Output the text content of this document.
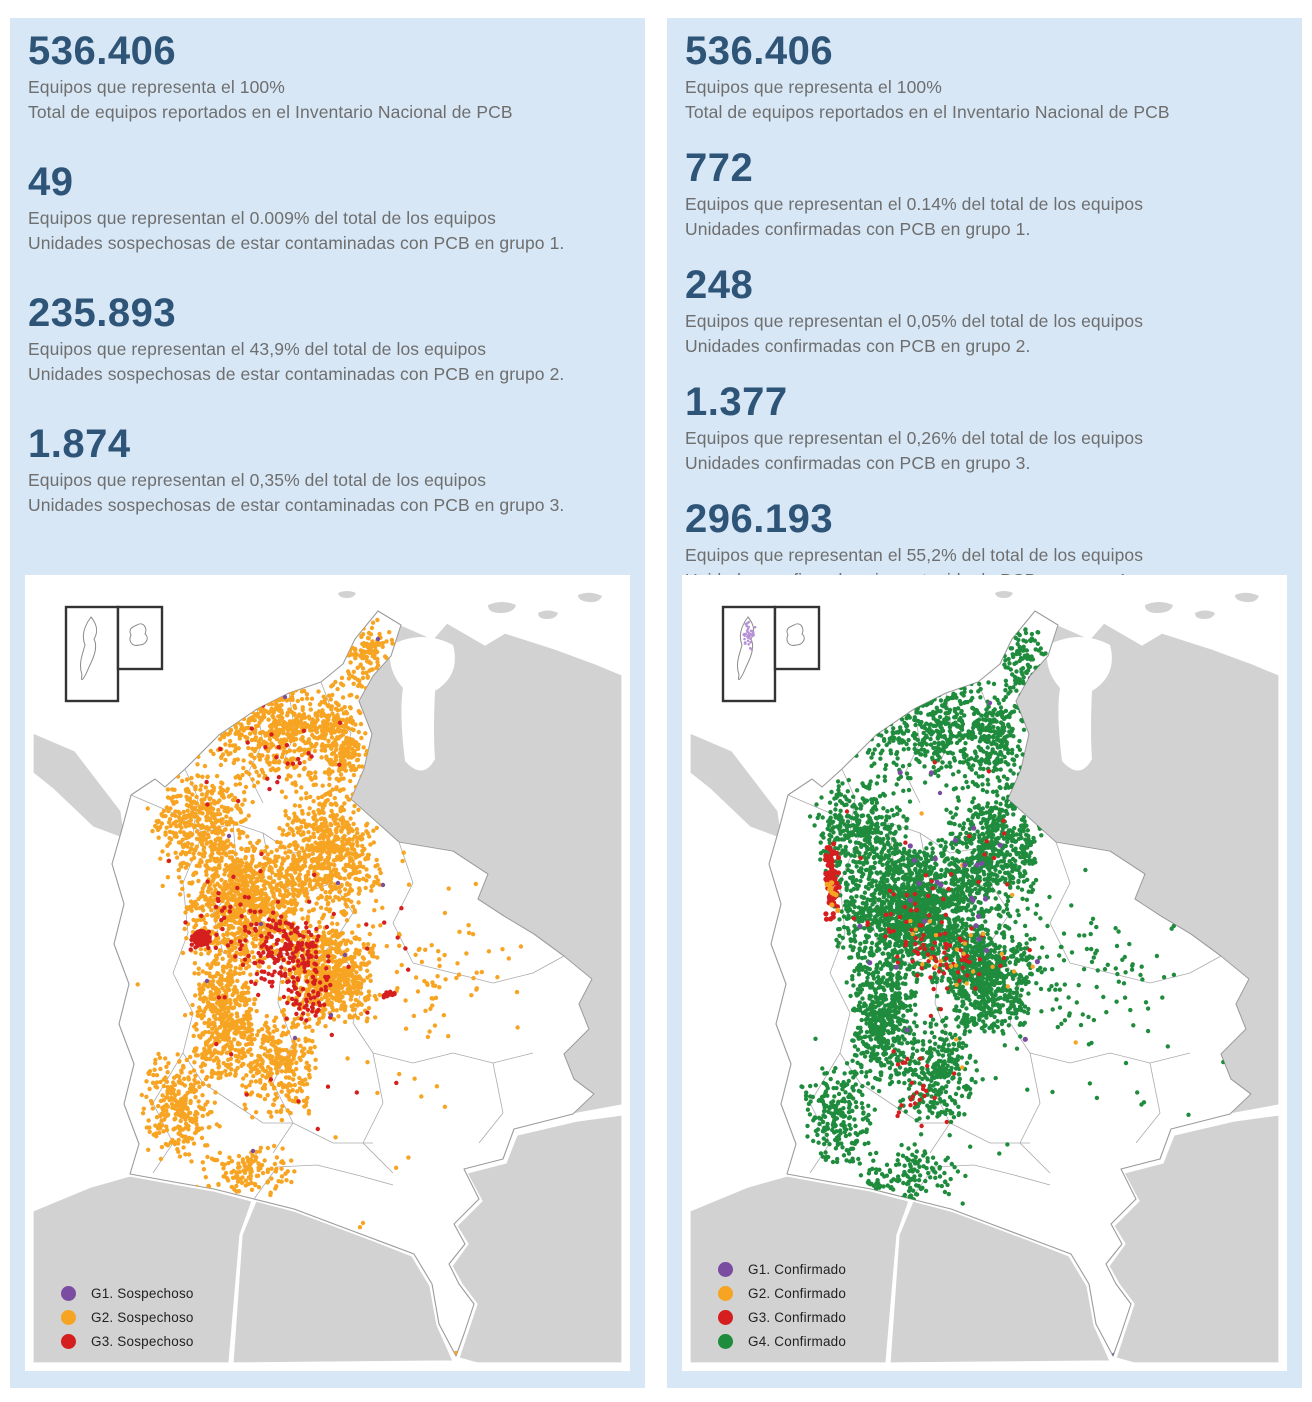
536.406
Equipos que representa el 100%
Total de equipos reportados en el Inventario Nacional de PCB
49
Equipos que representan el 0.009% del total de los equipos
Unidades sospechosas de estar contaminadas con PCB en grupo 1.
235.893
Equipos que representan el 43,9% del total de los equipos
Unidades sospechosas de estar contaminadas con PCB en grupo 2.
1.874
Equipos que representan el 0,35% del total de los equipos
Unidades sospechosas de estar contaminadas con PCB en grupo 3.
G1. Sospechoso
G2. Sospechoso
G3. Sospechoso
536.406
Equipos que representa el 100%
Total de equipos reportados en el Inventario Nacional de PCB
772
Equipos que representan el 0.14% del total de los equipos
Unidades confirmadas con PCB en grupo 1.
248
Equipos que representan el 0,05% del total de los equipos
Unidades confirmadas con PCB en grupo 2.
1.377
Equipos que representan el 0,26% del total de los equipos
Unidades confirmadas con PCB en grupo 3.
296.193
Equipos que representan el 55,2% del total de los equipos
G1. Confirmado
G2. Confirmado
G3. Confirmado
G4. Confirmado
